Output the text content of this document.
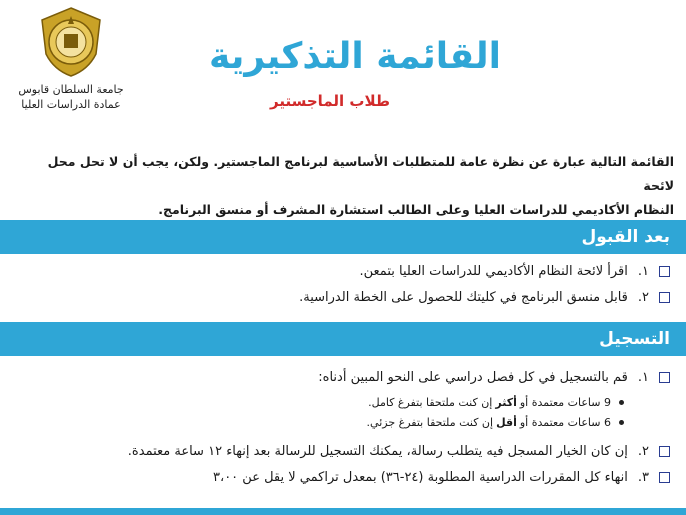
جامعة السلطان قابوس
عمادة الدراسات العليا
القائمة التذكيرية
طلاب الماجستير
القائمة التالية عبارة عن نظرة عامة للمتطلبات الأساسية لبرنامج الماجستير. ولكن، يجب أن لا تحل محل لائحة
النظام الأكاديمي للدراسات العليا وعلى الطالب استشارة المشرف أو منسق البرنامج.
بعد القبول
١.
اقرأ لائحة النظام الأكاديمي للدراسات العليا بتمعن.
٢.
قابل منسق البرنامج في كليتك للحصول على الخطة الدراسية.
التسجيل
١.
قم بالتسجيل في كل فصل دراسي على النحو المبين أدناه:
9 ساعات معتمدة أو
أكثر
إن كنت ملتحقا بتفرغ كامل.
6 ساعات معتمدة أو
أقل
إن كنت ملتحقا بتفرغ جزئي.
٢.
إن كان الخيار المسجل فيه يتطلب رسالة، يمكنك التسجيل للرسالة بعد إنهاء ١٢ ساعة معتمدة.
٣.
انهاء كل المقررات الدراسية المطلوبة (٢٤-٣٦) بمعدل تراكمي لا يقل عن ٣،٠٠
